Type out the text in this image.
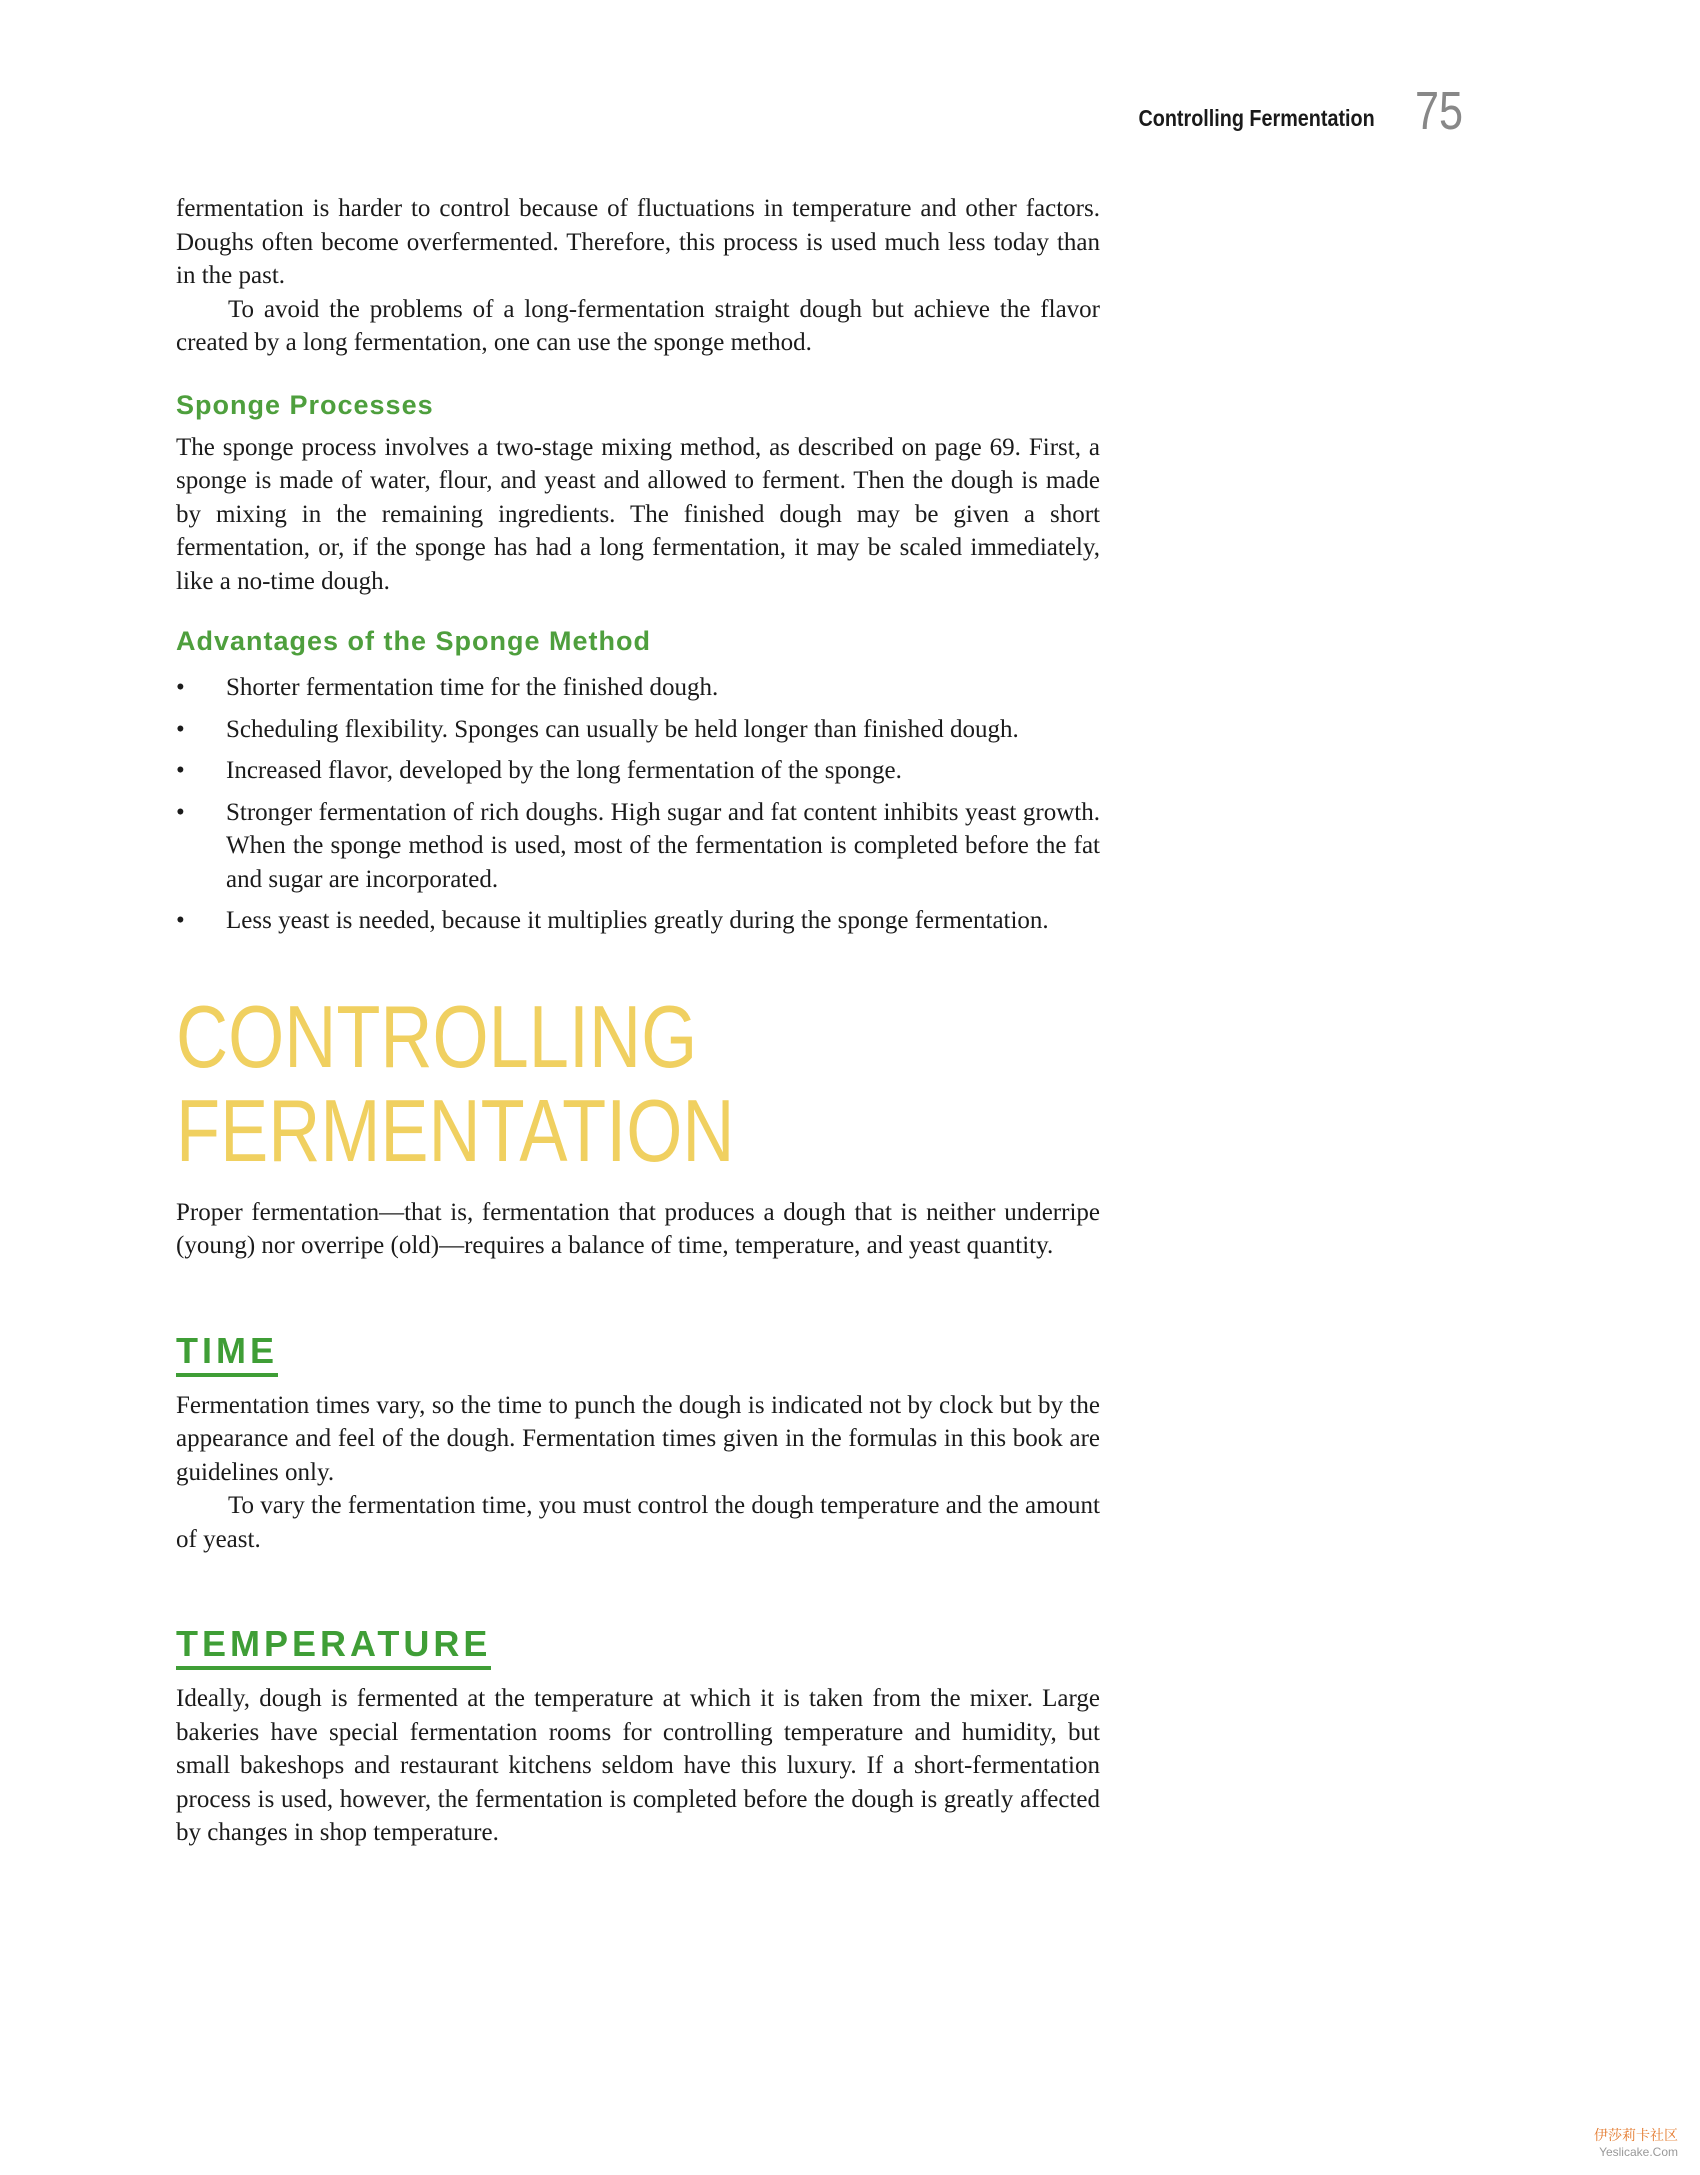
Controlling Fermentation 75

fermentation is harder to control because of fluctuations in temperature and other factors. Doughs often become overfermented. Therefore, this process is used much less today than in the past.

To avoid the problems of a long-fermentation straight dough but achieve the flavor created by a long fermentation, one can use the sponge method.

Sponge Processes

The sponge process involves a two-stage mixing method, as described on page 69. First, a sponge is made of water, flour, and yeast and allowed to ferment. Then the dough is made by mixing in the remaining ingredients. The finished dough may be given a short fermentation, or, if the sponge has had a long fermentation, it may be scaled immediately, like a no-time dough.

Advantages of the Sponge Method
• Shorter fermentation time for the finished dough.
• Scheduling flexibility. Sponges can usually be held longer than finished dough.
• Increased flavor, developed by the long fermentation of the sponge.
• Stronger fermentation of rich doughs. High sugar and fat content inhibits yeast growth. When the sponge method is used, most of the fermentation is completed before the fat and sugar are incorporated.
• Less yeast is needed, because it multiplies greatly during the sponge fermentation.
CONTROLLING
FERMENTATION

Proper fermentation—that is, fermentation that produces a dough that is neither underripe (young) nor overripe (old)—requires a balance of time, temperature, and yeast quantity.

TIME

Fermentation times vary, so the time to punch the dough is indicated not by clock but by the appearance and feel of the dough. Fermentation times given in the formulas in this book are guidelines only.

To vary the fermentation time, you must control the dough temperature and the amount of yeast.

TEMPERATURE

Ideally, dough is fermented at the temperature at which it is taken from the mixer. Large bakeries have special fermentation rooms for controlling temperature and humidity, but small bakeshops and restaurant kitchens seldom have this luxury. If a short-fermentation process is used, however, the fermentation is completed before the dough is greatly affected by changes in shop temperature.

伊莎莉卡社区
Yeslicake.Com
